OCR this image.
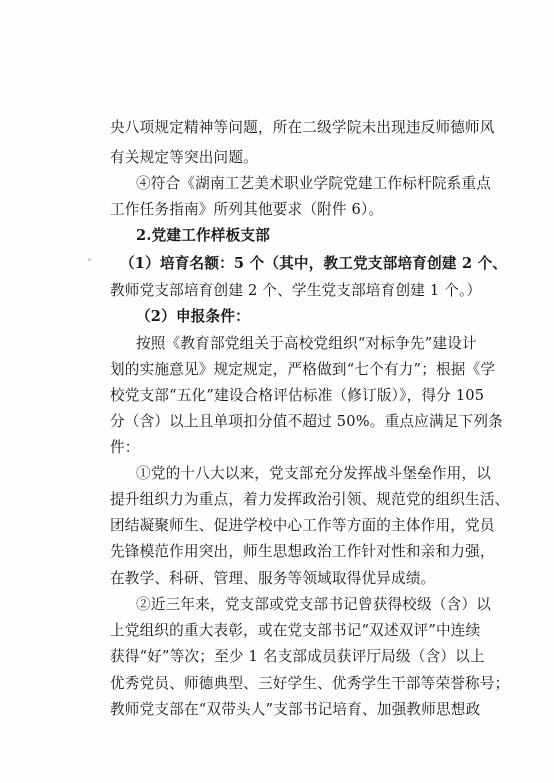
央八项规定精神等问题，所在二级学院未出现违反师德师风
有关规定等突出问题。
④符合《湖南工艺美术职业学院党建工作标杆院系重点
工作任务指南》所列其他要求（附件 6）。
2.党建工作样板支部
（1）培育名额：5 个（其中，教工党支部培育创建 2 个、
教师党支部培育创建 2 个、学生党支部培育创建 1 个。）
（2）申报条件：
按照《教育部党组关于高校党组织“对标争先”建设计
划的实施意见》规定规定，严格做到“七个有力”；根据《学
校党支部“五化”建设合格评估标准（修订版）》，得分 105
分（含）以上且单项扣分值不超过 50%。重点应满足下列条
件：
①党的十八大以来，党支部充分发挥战斗堡垒作用，以
提升组织力为重点，着力发挥政治引领、规范党的组织生活、
团结凝聚师生、促进学校中心工作等方面的主体作用，党员
先锋模范作用突出，师生思想政治工作针对性和亲和力强，
在教学、科研、管理、服务等领域取得优异成绩。
②近三年来，党支部或党支部书记曾获得校级（含）以
上党组织的重大表彰，或在党支部书记“双述双评”中连续
获得“好”等次；至少 1 名支部成员获评厅局级（含）以上
优秀党员、师德典型、三好学生、优秀学生干部等荣誉称号；
教师党支部在“双带头人”支部书记培育、加强教师思想政
